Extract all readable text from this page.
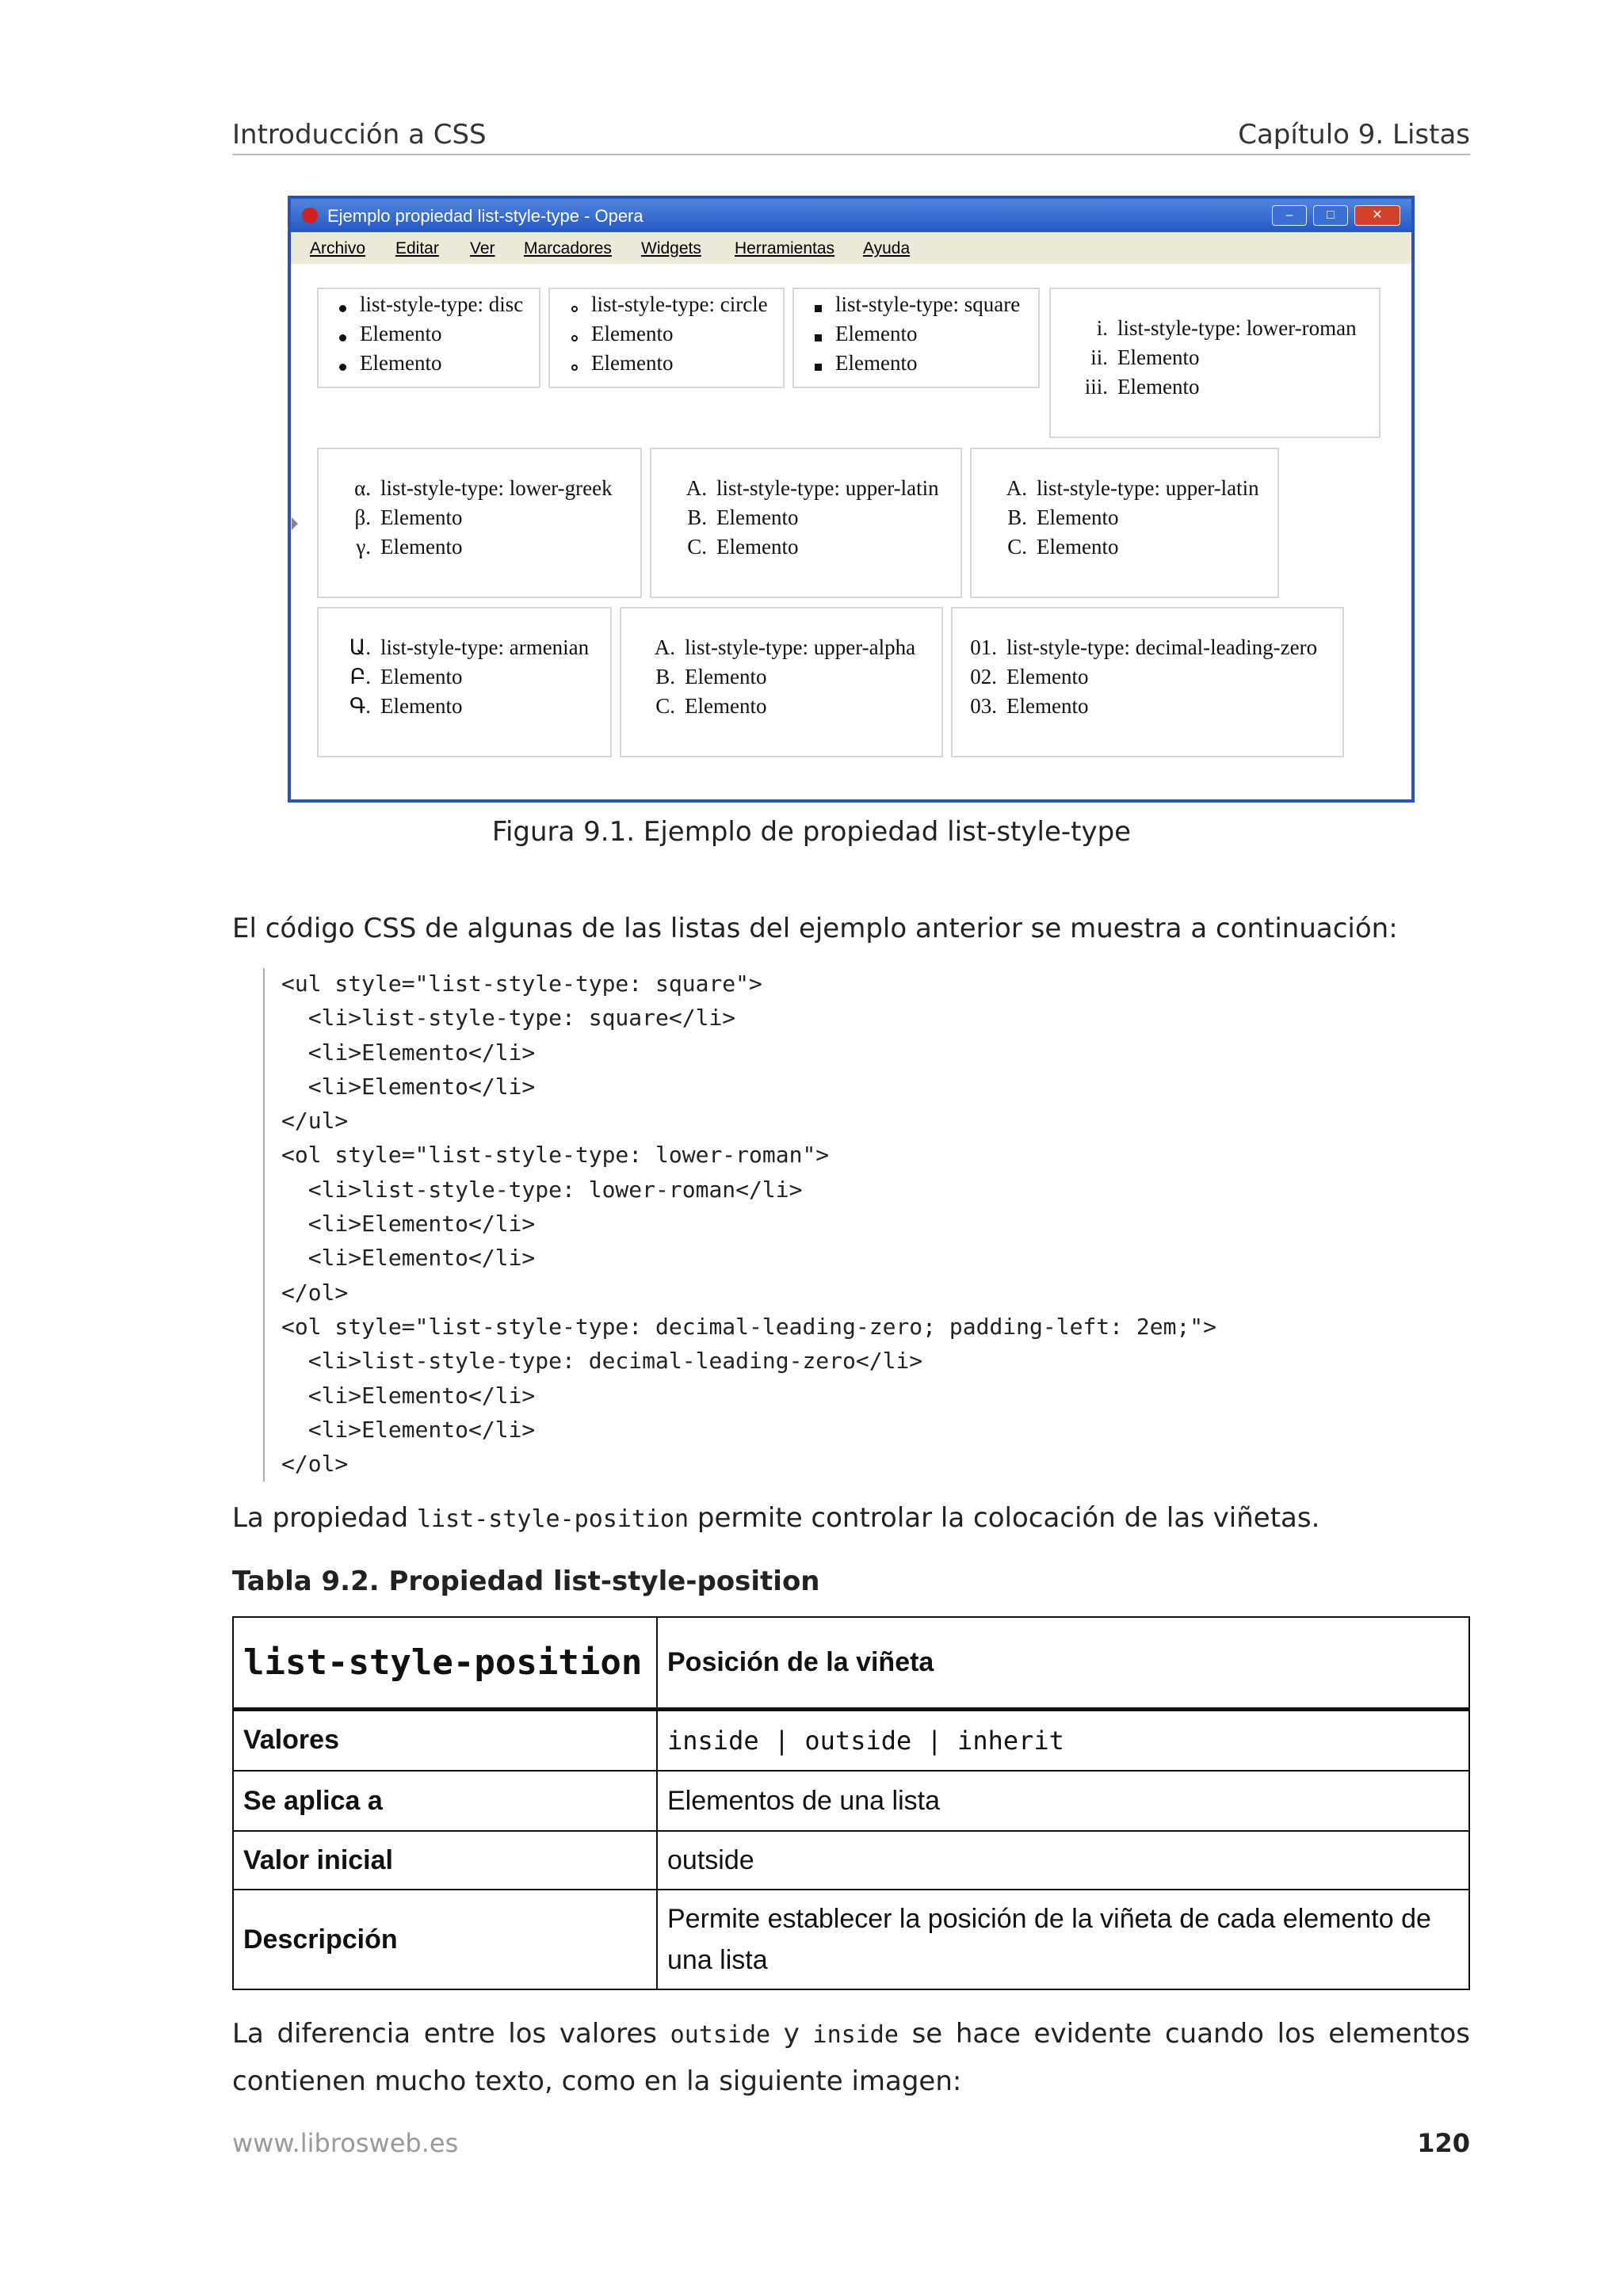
Introducción a CSS	Capítulo 9. Listas
Ejemplo propiedad list-style-type - Opera	–	□	✕
Archivo Editar Ver Marcadores Widgets Herramientas Ayuda
list-style-type: disc
Elemento
Elemento
list-style-type: circle
Elemento
Elemento
list-style-type: square
Elemento
Elemento
i. list-style-type: lower-roman
ii. Elemento
iii. Elemento
α. list-style-type: lower-greek
β. Elemento
γ. Elemento
A. list-style-type: upper-latin
B. Elemento
C. Elemento
A. list-style-type: upper-latin
B. Elemento
C. Elemento
Ա. list-style-type: armenian
Բ. Elemento
Գ. Elemento
A. list-style-type: upper-alpha
B. Elemento
C. Elemento
01. list-style-type: decimal-leading-zero
02. Elemento
03. Elemento
Figura 9.1. Ejemplo de propiedad list-style-type

El código CSS de algunas de las listas del ejemplo anterior se muestra a continuación:

<ul style="list-style-type: square">
<li>list-style-type: square</li>
<li>Elemento</li>
<li>Elemento</li>
</ul>
<ol style="list-style-type: lower-roman">
<li>list-style-type: lower-roman</li>
<li>Elemento</li>
<li>Elemento</li>
</ol>
<ol style="list-style-type: decimal-leading-zero; padding-left: 2em;">
<li>list-style-type: decimal-leading-zero</li>
<li>Elemento</li>
<li>Elemento</li>
</ol>

La propiedad list-style-position permite controlar la colocación de las viñetas.

Tabla 9.2. Propiedad list-style-position
list-style-position	Posición de la viñeta
Valores	inside | outside | inherit
Se aplica a	Elementos de una lista
Valor inicial	outside
Descripción	Permite establecer la posición de la viñeta de cada elemento de una lista

La diferencia entre los valores outside y inside se hace evidente cuando los elementos contienen mucho texto, como en la siguiente imagen:

www.librosweb.es	120
